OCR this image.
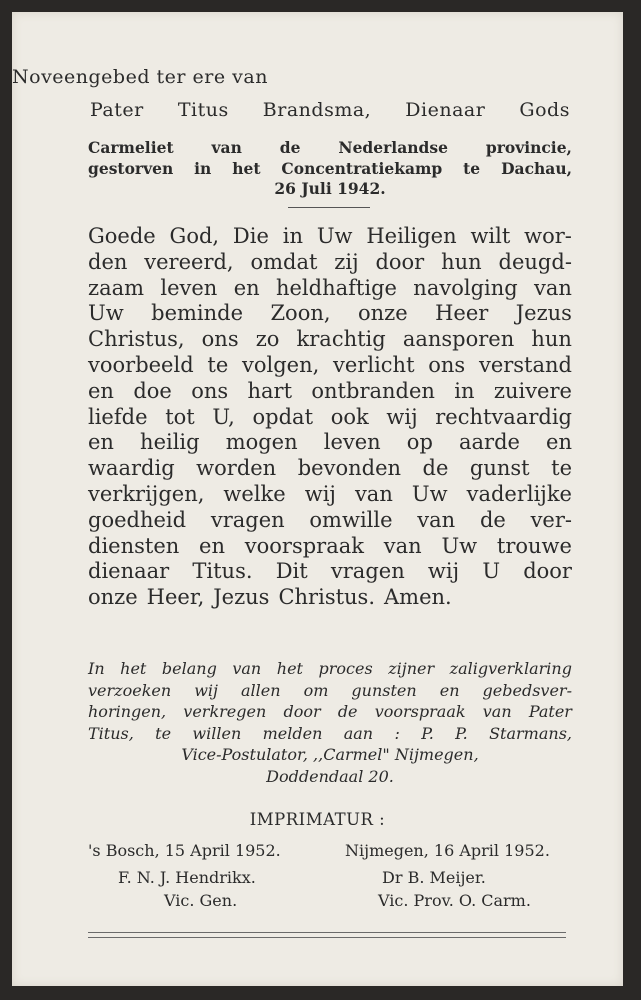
Noveengebed ter ere van
Pater Titus Brandsma, Dienaar Gods
Carmeliet van de Nederlandse provincie,
gestorven in het Concentratiekamp te Dachau,
26 Juli 1942.
Goede God, Die in Uw Heiligen wilt wor-
den vereerd, omdat zij door hun deugd-
zaam leven en heldhaftige navolging van
Uw beminde Zoon, onze Heer Jezus
Christus, ons zo krachtig aansporen hun
voorbeeld te volgen, verlicht ons verstand
en doe ons hart ontbranden in zuivere
liefde tot U, opdat ook wij rechtvaardig
en heilig mogen leven op aarde en
waardig worden bevonden de gunst te
verkrijgen, welke wij van Uw vaderlijke
goedheid vragen omwille van de ver-
diensten en voorspraak van Uw trouwe
dienaar Titus. Dit vragen wij U door
onze Heer, Jezus Christus. Amen.
In het belang van het proces zijner zaligverklaring
verzoeken wij allen om gunsten en gebedsver-
horingen, verkregen door de voorspraak van Pater
Titus, te willen melden aan : P. P. Starmans,
Vice-Postulator, ,,Carmel" Nijmegen,
Doddendaal 20.
IMPRIMATUR :
's Bosch, 15 April 1952.	Nijmegen, 16 April 1952.
F. N. J. Hendrikx.	Dr B. Meijer.
Vic. Gen.	Vic. Prov. O. Carm.
